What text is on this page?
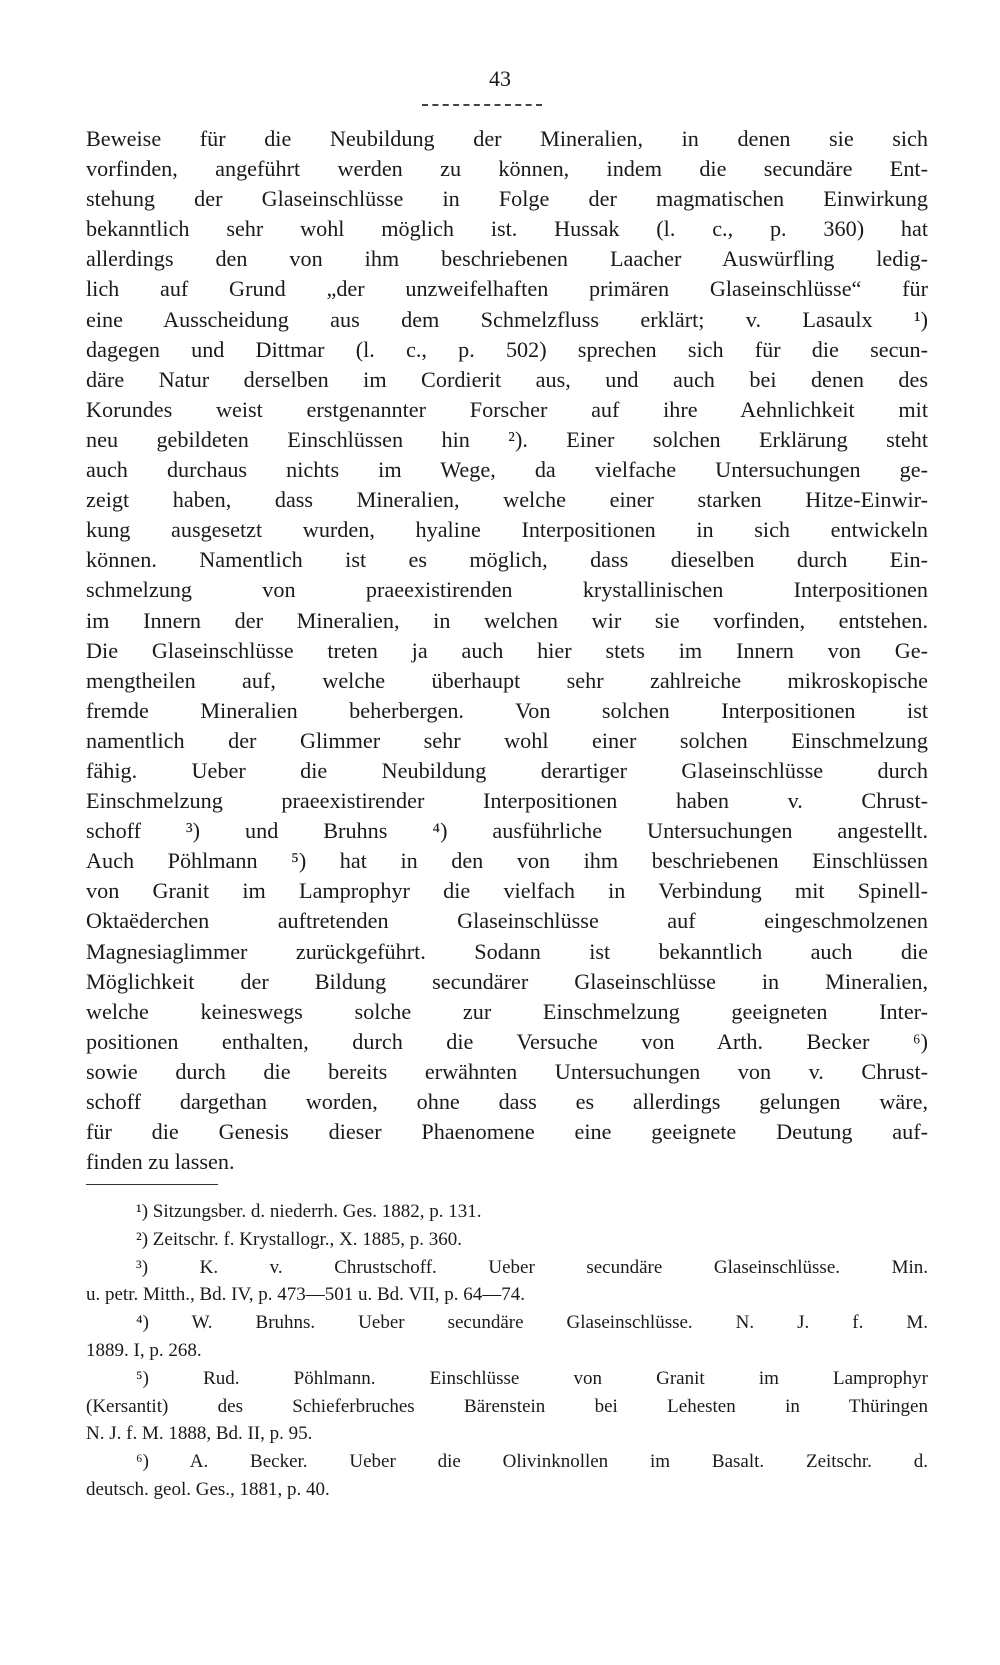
43

Beweise für die Neubildung der Mineralien, in denen sie sich
vorfinden, angeführt werden zu können, indem die secundäre Ent-
stehung der Glaseinschlüsse in Folge der magmatischen Einwirkung
bekanntlich sehr wohl möglich ist. Hussak (l. c., p. 360) hat
allerdings den von ihm beschriebenen Laacher Auswürfling ledig-
lich auf Grund „der unzweifelhaften primären Glaseinschlüsse“ für
eine Ausscheidung aus dem Schmelzfluss erklärt; v. Lasaulx ¹)
dagegen und Dittmar (l. c., p. 502) sprechen sich für die secun-
däre Natur derselben im Cordierit aus, und auch bei denen des
Korundes weist erstgenannter Forscher auf ihre Aehnlichkeit mit
neu gebildeten Einschlüssen hin ²). Einer solchen Erklärung steht
auch durchaus nichts im Wege, da vielfache Untersuchungen ge-
zeigt haben, dass Mineralien, welche einer starken Hitze-Einwir-
kung ausgesetzt wurden, hyaline Interpositionen in sich entwickeln
können. Namentlich ist es möglich, dass dieselben durch Ein-
schmelzung von praeexistirenden krystallinischen Interpositionen
im Innern der Mineralien, in welchen wir sie vorfinden, entstehen.
Die Glaseinschlüsse treten ja auch hier stets im Innern von Ge-
mengtheilen auf, welche überhaupt sehr zahlreiche mikroskopische
fremde Mineralien beherbergen. Von solchen Interpositionen ist
namentlich der Glimmer sehr wohl einer solchen Einschmelzung
fähig. Ueber die Neubildung derartiger Glaseinschlüsse durch
Einschmelzung praeexistirender Interpositionen haben v. Chrust-
schoff ³) und Bruhns ⁴) ausführliche Untersuchungen angestellt.
Auch Pöhlmann ⁵) hat in den von ihm beschriebenen Einschlüssen
von Granit im Lamprophyr die vielfach in Verbindung mit Spinell-
Oktaëderchen auftretenden Glaseinschlüsse auf eingeschmolzenen
Magnesiaglimmer zurückgeführt. Sodann ist bekanntlich auch die
Möglichkeit der Bildung secundärer Glaseinschlüsse in Mineralien,
welche keineswegs solche zur Einschmelzung geeigneten Inter-
positionen enthalten, durch die Versuche von Arth. Becker ⁶)
sowie durch die bereits erwähnten Untersuchungen von v. Chrust-
schoff dargethan worden, ohne dass es allerdings gelungen wäre,
für die Genesis dieser Phaenomene eine geeignete Deutung auf-
finden zu lassen.

¹) Sitzungsber. d. niederrh. Ges. 1882, p. 131.
²) Zeitschr. f. Krystallogr., X. 1885, p. 360.
³) K. v. Chrustschoff. Ueber secundäre Glaseinschlüsse. Min.
u. petr. Mitth., Bd. IV, p. 473—501 u. Bd. VII, p. 64—74.
⁴) W. Bruhns. Ueber secundäre Glaseinschlüsse. N. J. f. M.
1889. I, p. 268.
⁵) Rud. Pöhlmann. Einschlüsse von Granit im Lamprophyr
(Kersantit) des Schieferbruches Bärenstein bei Lehesten in Thüringen
N. J. f. M. 1888, Bd. II, p. 95.
⁶) A. Becker. Ueber die Olivinknollen im Basalt. Zeitschr. d.
deutsch. geol. Ges., 1881, p. 40.
